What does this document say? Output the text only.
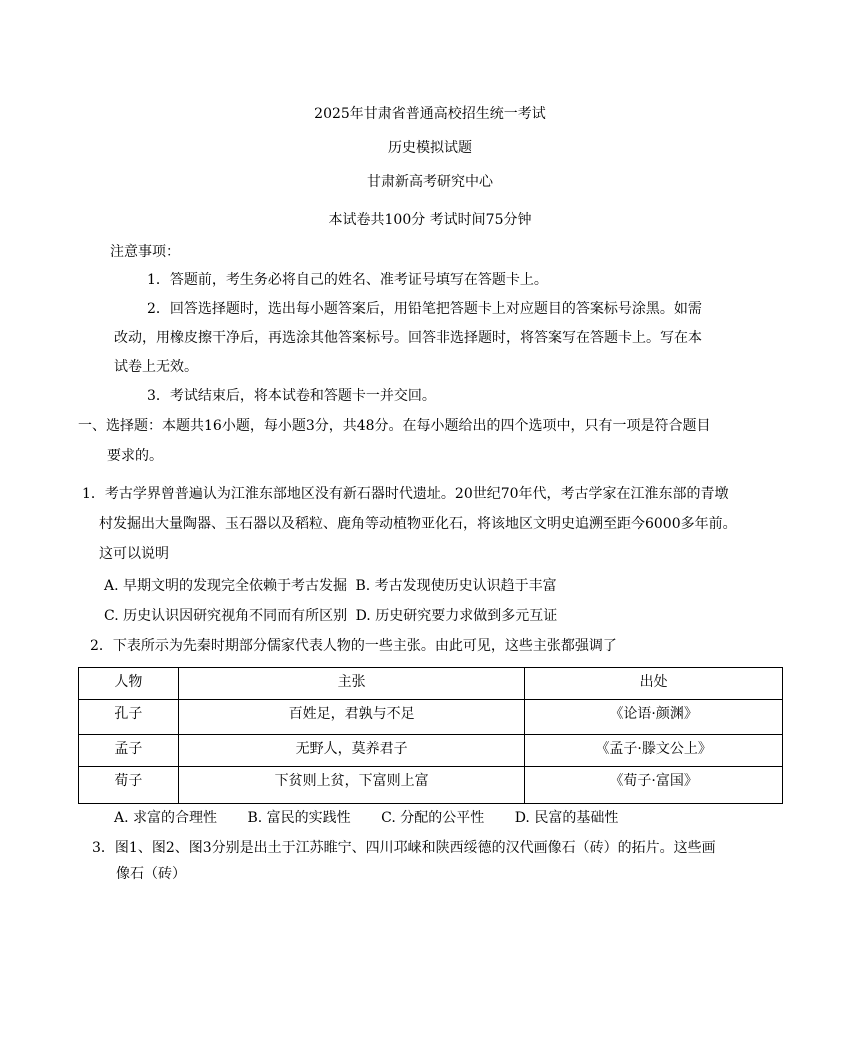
2025年甘肃省普通高校招生统一考试
历史模拟试题
甘肃新高考研究中心
本试卷共100分 考试时间75分钟
注意事项：
1．答题前，考生务必将自己的姓名、准考证号填写在答题卡上。
2．回答选择题时，选出每小题答案后，用铅笔把答题卡上对应题目的答案标号涂黑。如需
改动，用橡皮擦干净后，再选涂其他答案标号。回答非选择题时，将答案写在答题卡上。写在本
试卷上无效。
3．考试结束后，将本试卷和答题卡一并交回。
一、选择题：本题共16小题，每小题3分，共48分。在每小题给出的四个选项中，只有一项是符合题目
要求的。
1．考古学界曾普遍认为江淮东部地区没有新石器时代遗址。20世纪70年代，考古学家在江淮东部的青墩
村发掘出大量陶器、玉石器以及稻粒、鹿角等动植物亚化石，将该地区文明史追溯至距今6000多年前。
这可以说明
A. 早期文明的发现完全依赖于考古发掘 B. 考古发现使历史认识趋于丰富
C. 历史认识因研究视角不同而有所区别 D. 历史研究要力求做到多元互证
2．下表所示为先秦时期部分儒家代表人物的一些主张。由此可见，这些主张都强调了
人物	主张	出处
孔子	百姓足，君孰与不足	《论语·颜渊》
孟子	无野人，莫养君子	《孟子·滕文公上》
荀子	下贫则上贫，下富则上富	《荀子·富国》
A. 求富的合理性 B. 富民的实践性 C. 分配的公平性 D. 民富的基础性
3．图1、图2、图3分别是出土于江苏睢宁、四川邛崃和陕西绥德的汉代画像石（砖）的拓片。这些画
像石（砖）
